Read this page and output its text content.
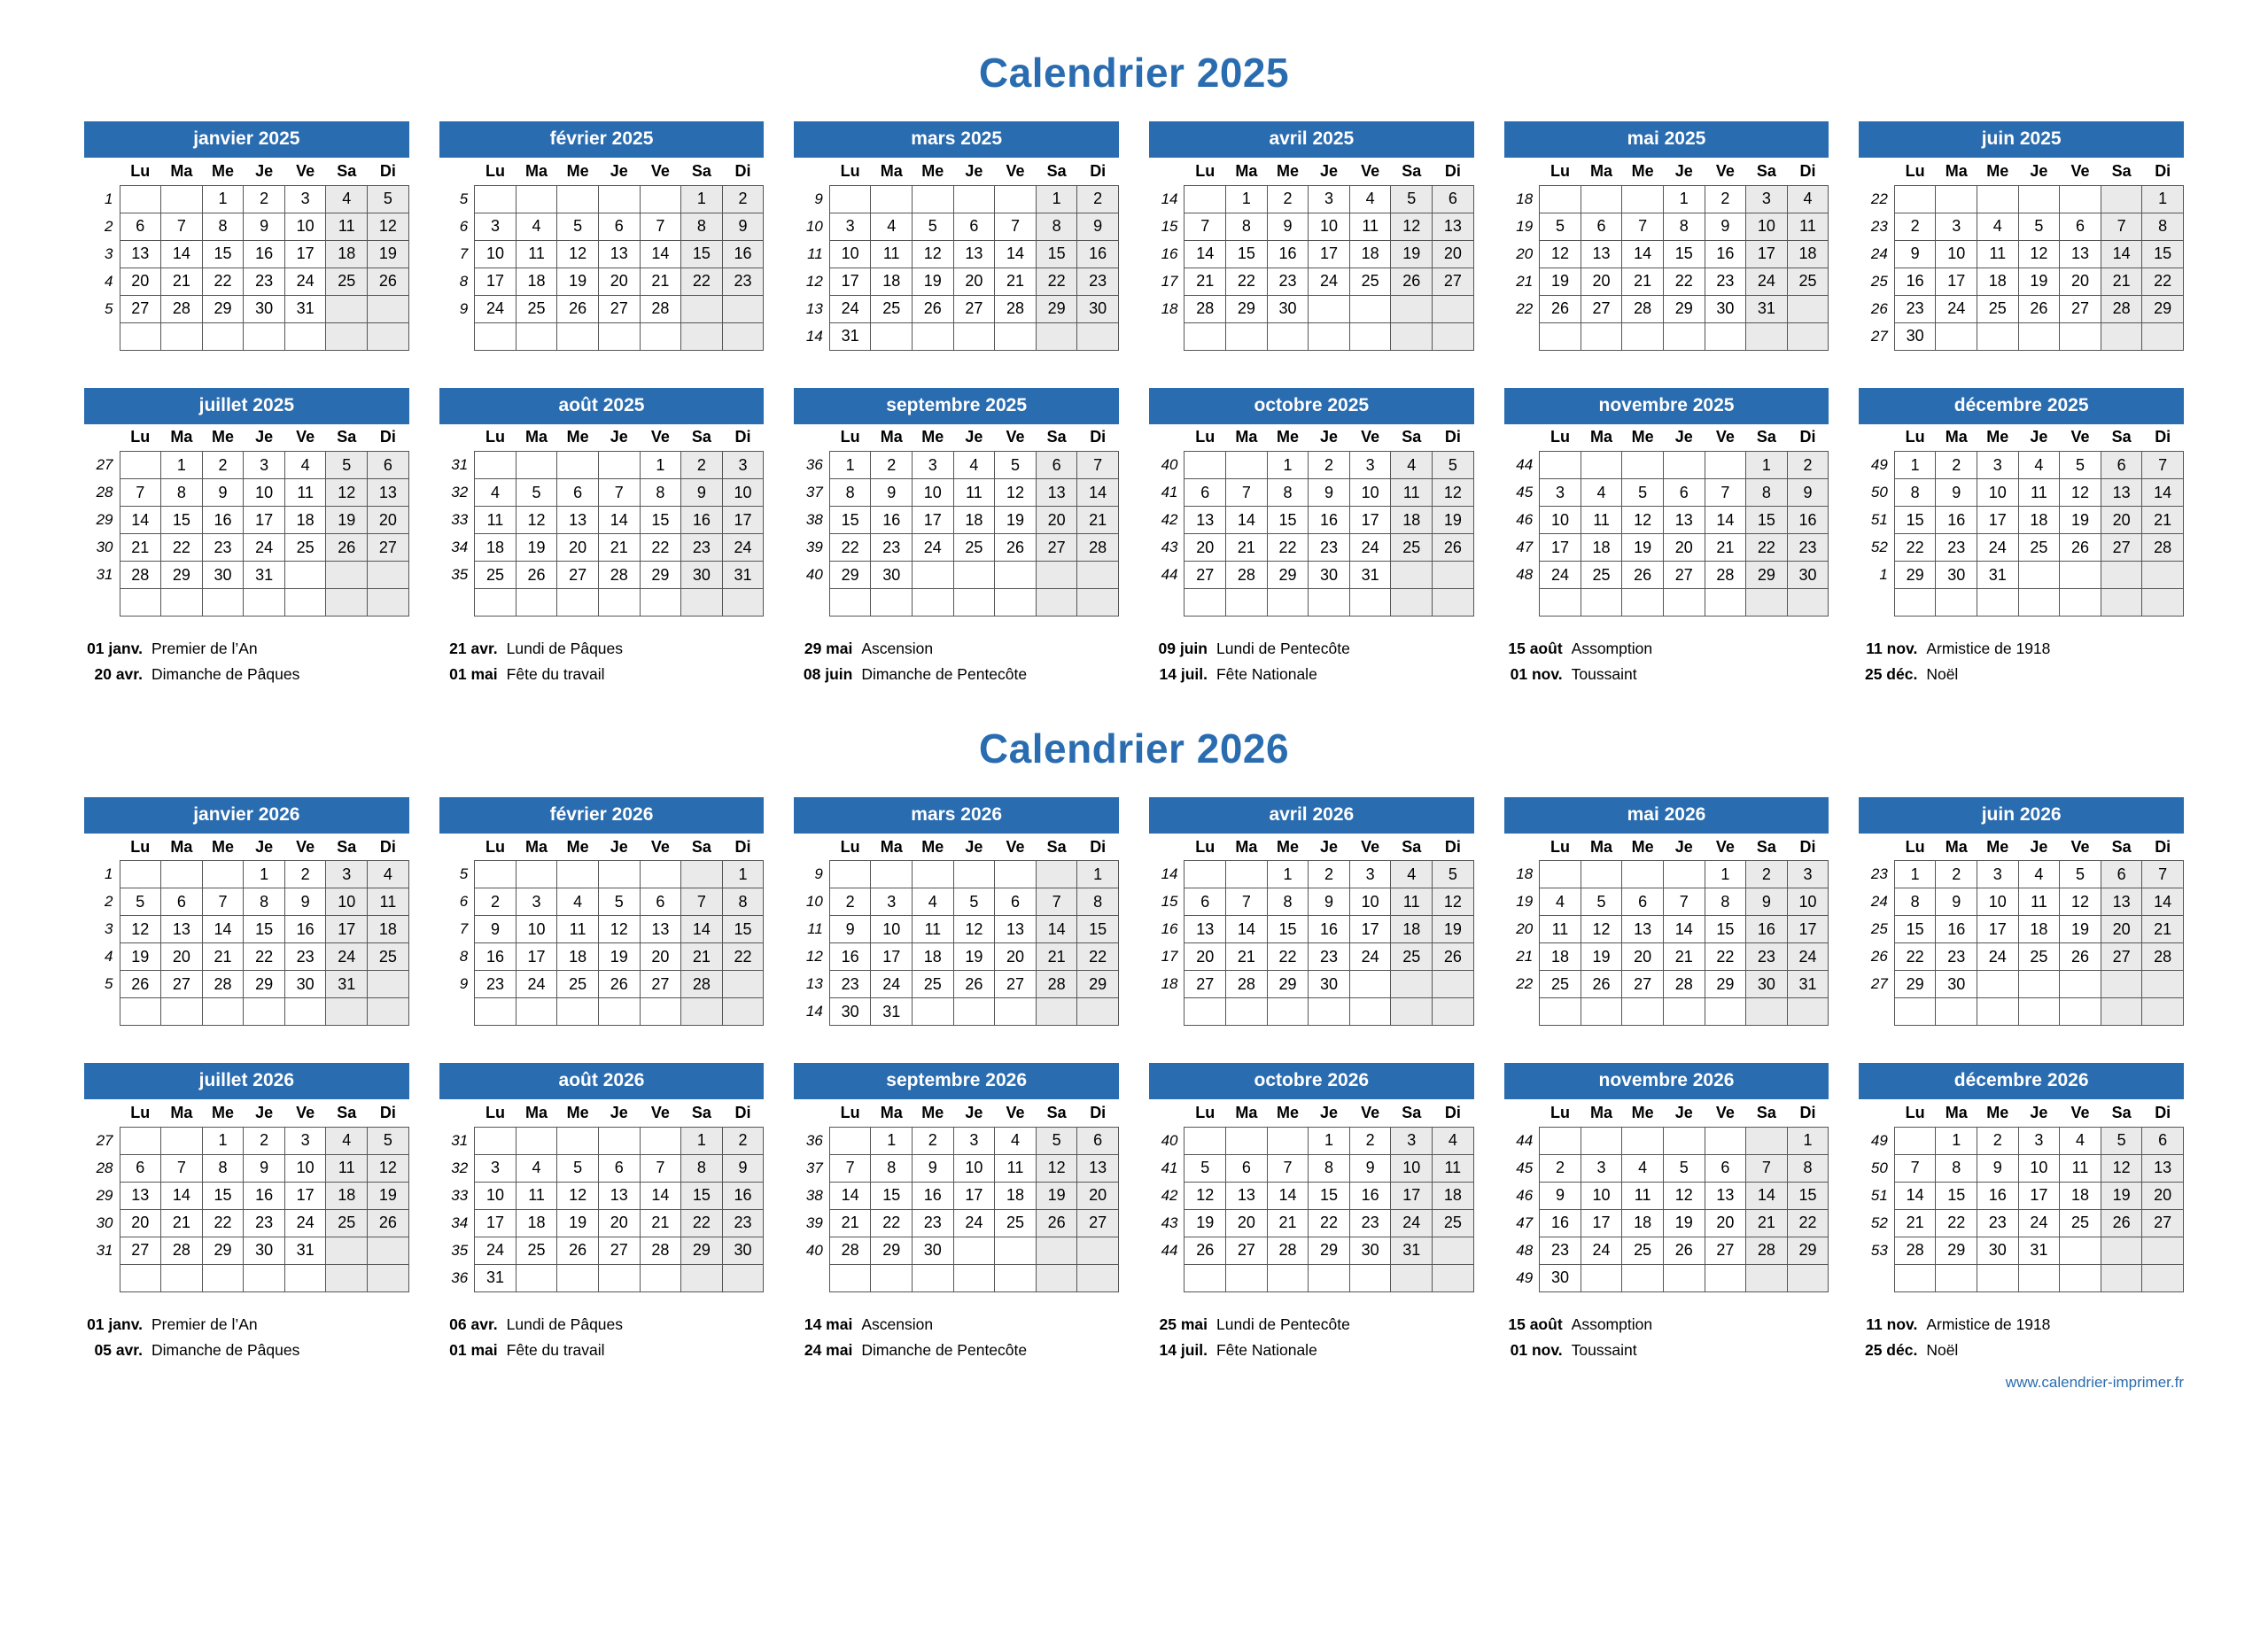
Calendrier 2025
janvier 2025
	Lu	Ma	Me	Je	Ve	Sa	Di
1			1	2	3	4	5
2	6	7	8	9	10	11	12
3	13	14	15	16	17	18	19
4	20	21	22	23	24	25	26
5	27	28	29	30	31		

février 2025
	Lu	Ma	Me	Je	Ve	Sa	Di
5						1	2
6	3	4	5	6	7	8	9
7	10	11	12	13	14	15	16
8	17	18	19	20	21	22	23
9	24	25	26	27	28		

mars 2025
	Lu	Ma	Me	Je	Ve	Sa	Di
9						1	2
10	3	4	5	6	7	8	9
11	10	11	12	13	14	15	16
12	17	18	19	20	21	22	23
13	24	25	26	27	28	29	30
14	31						
avril 2025
	Lu	Ma	Me	Je	Ve	Sa	Di
14		1	2	3	4	5	6
15	7	8	9	10	11	12	13
16	14	15	16	17	18	19	20
17	21	22	23	24	25	26	27
18	28	29	30				

mai 2025
	Lu	Ma	Me	Je	Ve	Sa	Di
18				1	2	3	4
19	5	6	7	8	9	10	11
20	12	13	14	15	16	17	18
21	19	20	21	22	23	24	25
22	26	27	28	29	30	31	

juin 2025
	Lu	Ma	Me	Je	Ve	Sa	Di
22							1
23	2	3	4	5	6	7	8
24	9	10	11	12	13	14	15
25	16	17	18	19	20	21	22
26	23	24	25	26	27	28	29
27	30						
juillet 2025
	Lu	Ma	Me	Je	Ve	Sa	Di
27		1	2	3	4	5	6
28	7	8	9	10	11	12	13
29	14	15	16	17	18	19	20
30	21	22	23	24	25	26	27
31	28	29	30	31			

août 2025
	Lu	Ma	Me	Je	Ve	Sa	Di
31					1	2	3
32	4	5	6	7	8	9	10
33	11	12	13	14	15	16	17
34	18	19	20	21	22	23	24
35	25	26	27	28	29	30	31

septembre 2025
	Lu	Ma	Me	Je	Ve	Sa	Di
36	1	2	3	4	5	6	7
37	8	9	10	11	12	13	14
38	15	16	17	18	19	20	21
39	22	23	24	25	26	27	28
40	29	30					

octobre 2025
	Lu	Ma	Me	Je	Ve	Sa	Di
40			1	2	3	4	5
41	6	7	8	9	10	11	12
42	13	14	15	16	17	18	19
43	20	21	22	23	24	25	26
44	27	28	29	30	31		

novembre 2025
	Lu	Ma	Me	Je	Ve	Sa	Di
44						1	2
45	3	4	5	6	7	8	9
46	10	11	12	13	14	15	16
47	17	18	19	20	21	22	23
48	24	25	26	27	28	29	30

décembre 2025
	Lu	Ma	Me	Je	Ve	Sa	Di
49	1	2	3	4	5	6	7
50	8	9	10	11	12	13	14
51	15	16	17	18	19	20	21
52	22	23	24	25	26	27	28
1	29	30	31				

01 janv. Premier de l’An
20 avr. Dimanche de Pâques
21 avr. Lundi de Pâques
01 mai Fête du travail
29 mai Ascension
08 juin Dimanche de Pentecôte
09 juin Lundi de Pentecôte
14 juil. Fête Nationale
15 août Assomption
01 nov. Toussaint
11 nov. Armistice de 1918
25 déc. Noël
Calendrier 2026
janvier 2026
	Lu	Ma	Me	Je	Ve	Sa	Di
1				1	2	3	4
2	5	6	7	8	9	10	11
3	12	13	14	15	16	17	18
4	19	20	21	22	23	24	25
5	26	27	28	29	30	31	

février 2026
	Lu	Ma	Me	Je	Ve	Sa	Di
5							1
6	2	3	4	5	6	7	8
7	9	10	11	12	13	14	15
8	16	17	18	19	20	21	22
9	23	24	25	26	27	28	

mars 2026
	Lu	Ma	Me	Je	Ve	Sa	Di
9							1
10	2	3	4	5	6	7	8
11	9	10	11	12	13	14	15
12	16	17	18	19	20	21	22
13	23	24	25	26	27	28	29
14	30	31					
avril 2026
	Lu	Ma	Me	Je	Ve	Sa	Di
14			1	2	3	4	5
15	6	7	8	9	10	11	12
16	13	14	15	16	17	18	19
17	20	21	22	23	24	25	26
18	27	28	29	30			

mai 2026
	Lu	Ma	Me	Je	Ve	Sa	Di
18					1	2	3
19	4	5	6	7	8	9	10
20	11	12	13	14	15	16	17
21	18	19	20	21	22	23	24
22	25	26	27	28	29	30	31

juin 2026
	Lu	Ma	Me	Je	Ve	Sa	Di
23	1	2	3	4	5	6	7
24	8	9	10	11	12	13	14
25	15	16	17	18	19	20	21
26	22	23	24	25	26	27	28
27	29	30					

juillet 2026
	Lu	Ma	Me	Je	Ve	Sa	Di
27			1	2	3	4	5
28	6	7	8	9	10	11	12
29	13	14	15	16	17	18	19
30	20	21	22	23	24	25	26
31	27	28	29	30	31		

août 2026
	Lu	Ma	Me	Je	Ve	Sa	Di
31						1	2
32	3	4	5	6	7	8	9
33	10	11	12	13	14	15	16
34	17	18	19	20	21	22	23
35	24	25	26	27	28	29	30
36	31						
septembre 2026
	Lu	Ma	Me	Je	Ve	Sa	Di
36		1	2	3	4	5	6
37	7	8	9	10	11	12	13
38	14	15	16	17	18	19	20
39	21	22	23	24	25	26	27
40	28	29	30				

octobre 2026
	Lu	Ma	Me	Je	Ve	Sa	Di
40				1	2	3	4
41	5	6	7	8	9	10	11
42	12	13	14	15	16	17	18
43	19	20	21	22	23	24	25
44	26	27	28	29	30	31	

novembre 2026
	Lu	Ma	Me	Je	Ve	Sa	Di
44							1
45	2	3	4	5	6	7	8
46	9	10	11	12	13	14	15
47	16	17	18	19	20	21	22
48	23	24	25	26	27	28	29
49	30						
décembre 2026
	Lu	Ma	Me	Je	Ve	Sa	Di
49		1	2	3	4	5	6
50	7	8	9	10	11	12	13
51	14	15	16	17	18	19	20
52	21	22	23	24	25	26	27
53	28	29	30	31			

01 janv. Premier de l’An
05 avr. Dimanche de Pâques
06 avr. Lundi de Pâques
01 mai Fête du travail
14 mai Ascension
24 mai Dimanche de Pentecôte
25 mai Lundi de Pentecôte
14 juil. Fête Nationale
15 août Assomption
01 nov. Toussaint
11 nov. Armistice de 1918
25 déc. Noël
www.calendrier-imprimer.fr
